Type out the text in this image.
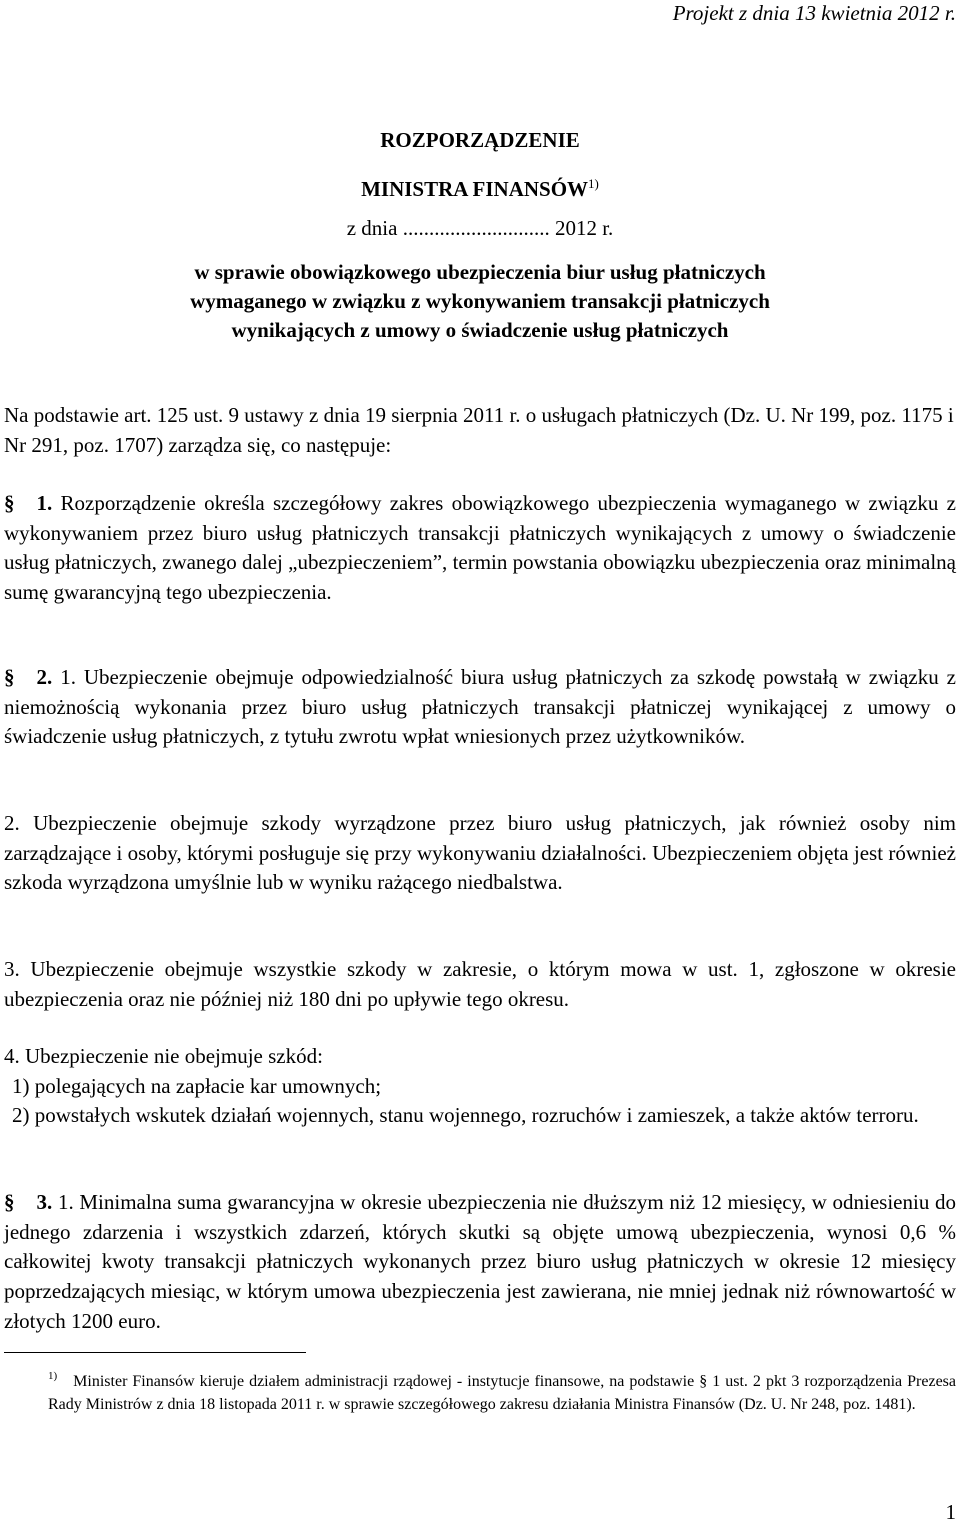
Projekt z dnia 13 kwietnia 2012 r.
ROZPORZĄDZENIE
MINISTRA FINANSÓW$^{1)}$
z dnia ............................ 2012 r.
w sprawie obowiązkowego ubezpieczenia biur usług płatniczych
wymaganego w związku z wykonywaniem transakcji płatniczych
wynikających z umowy o świadczenie usług płatniczych
Na podstawie art. 125 ust. 9 ustawy z dnia 19 sierpnia 2011 r. o usługach płatniczych (Dz. U. Nr 199, poz. 1175 i Nr 291, poz. 1707) zarządza się, co następuje:

§ 1. Rozporządzenie określa szczegółowy zakres obowiązkowego ubezpieczenia wymaganego w związku z wykonywaniem przez biuro usług płatniczych transakcji płatniczych wynikających z umowy o świadczenie usług płatniczych, zwanego dalej „ubezpieczeniem”, termin powstania obowiązku ubezpieczenia oraz minimalną sumę gwarancyjną tego ubezpieczenia.

§ 2. 1. Ubezpieczenie obejmuje odpowiedzialność biura usług płatniczych za szkodę powstałą w związku z niemożnością wykonania przez biuro usług płatniczych transakcji płatniczej wynikającej z umowy o świadczenie usług płatniczych, z tytułu zwrotu wpłat wniesionych przez użytkowników.

2. Ubezpieczenie obejmuje szkody wyrządzone przez biuro usług płatniczych, jak również osoby nim zarządzające i osoby, którymi posługuje się przy wykonywaniu działalności. Ubezpieczeniem objęta jest również szkoda wyrządzona umyślnie lub w wyniku rażącego niedbalstwa.

3. Ubezpieczenie obejmuje wszystkie szkody w zakresie, o którym mowa w ust. 1, zgłoszone w okresie ubezpieczenia oraz nie później niż 180 dni po upływie tego okresu.

4. Ubezpieczenie nie obejmuje szkód:

1) polegających na zapłacie kar umownych;

2) powstałych wskutek działań wojennych, stanu wojennego, rozruchów i zamieszek, a także aktów terroru.

§ 3. 1. Minimalna suma gwarancyjna w okresie ubezpieczenia nie dłuższym niż 12 miesięcy, w odniesieniu do jednego zdarzenia i wszystkich zdarzeń, których skutki są objęte umową ubezpieczenia, wynosi 0,6 % całkowitej kwoty transakcji płatniczych wykonanych przez biuro usług płatniczych w okresie 12 miesięcy poprzedzających miesiąc, w którym umowa ubezpieczenia jest zawierana, nie mniej jednak niż równowartość w złotych 1200 euro.

$^{1)}$ Minister Finansów kieruje działem administracji rządowej - instytucje finansowe, na podstawie § 1 ust. 2 pkt 3 rozporządzenia Prezesa Rady Ministrów z dnia 18 listopada 2011 r. w sprawie szczegółowego zakresu działania Ministra Finansów (Dz. U. Nr 248, poz. 1481).
1
